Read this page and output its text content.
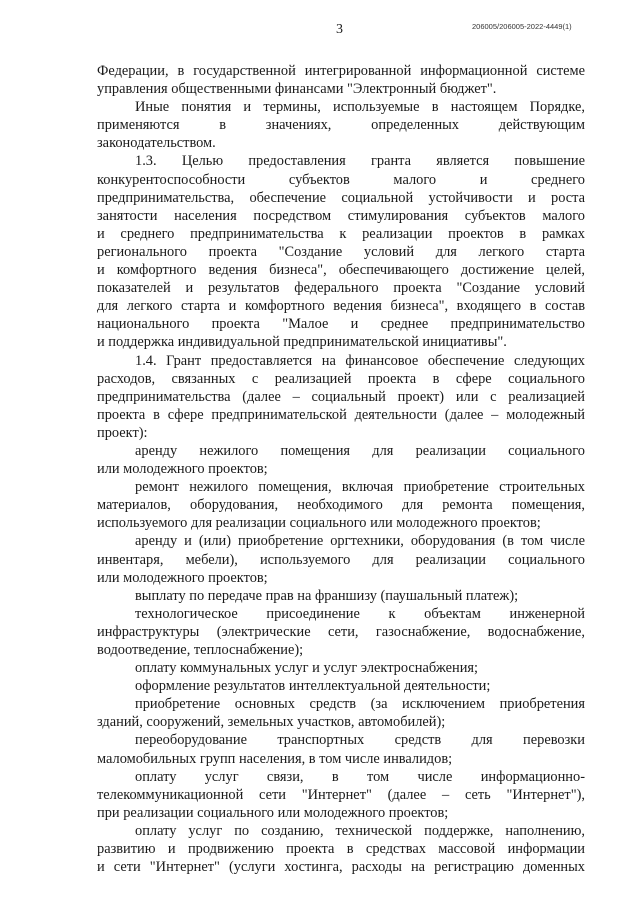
3	206005/206005-2022-4449(1)
Федерации, в государственной интегрированной информационной системе
управления общественными финансами "Электронный бюджет".
Иные понятия и термины, используемые в настоящем Порядке,
применяются в значениях, определенных действующим
законодательством.
1.3. Целью предоставления гранта является повышение
конкурентоспособности субъектов малого и среднего
предпринимательства, обеспечение социальной устойчивости и роста
занятости населения посредством стимулирования субъектов малого
и среднего предпринимательства к реализации проектов в рамках
регионального проекта "Создание условий для легкого старта
и комфортного ведения бизнеса", обеспечивающего достижение целей,
показателей и результатов федерального проекта "Создание условий
для легкого старта и комфортного ведения бизнеса", входящего в состав
национального проекта "Малое и среднее предпринимательство
и поддержка индивидуальной предпринимательской инициативы".
1.4. Грант предоставляется на финансовое обеспечение следующих
расходов, связанных с реализацией проекта в сфере социального
предпринимательства (далее – социальный проект) или с реализацией
проекта в сфере предпринимательской деятельности (далее – молодежный
проект):
аренду нежилого помещения для реализации социального
или молодежного проектов;
ремонт нежилого помещения, включая приобретение строительных
материалов, оборудования, необходимого для ремонта помещения,
используемого для реализации социального или молодежного проектов;
аренду и (или) приобретение оргтехники, оборудования (в том числе
инвентаря, мебели), используемого для реализации социального
или молодежного проектов;
выплату по передаче прав на франшизу (паушальный платеж);
технологическое присоединение к объектам инженерной
инфраструктуры (электрические сети, газоснабжение, водоснабжение,
водоотведение, теплоснабжение);
оплату коммунальных услуг и услуг электроснабжения;
оформление результатов интеллектуальной деятельности;
приобретение основных средств (за исключением приобретения
зданий, сооружений, земельных участков, автомобилей);
переоборудование транспортных средств для перевозки
маломобильных групп населения, в том числе инвалидов;
оплату услуг связи, в том числе информационно-
телекоммуникационной сети "Интернет" (далее – сеть "Интернет"),
при реализации социального или молодежного проектов;
оплату услуг по созданию, технической поддержке, наполнению,
развитию и продвижению проекта в средствах массовой информации
и сети "Интернет" (услуги хостинга, расходы на регистрацию доменных
